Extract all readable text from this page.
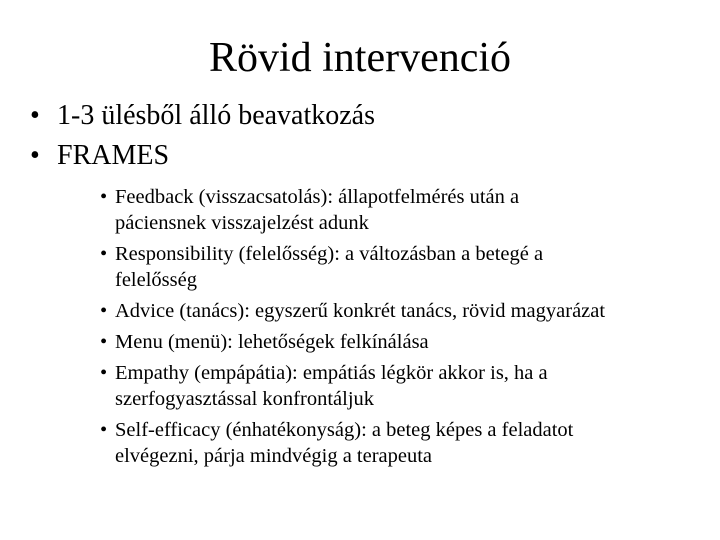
Rövid intervenció
• 1-3 ülésből álló beavatkozás
• FRAMES
• Feedback (visszacsatolás): állapotfelmérés után a
páciensnek visszajelzést adunk
• Responsibility (felelősség): a változásban a betegé a
felelősség
• Advice (tanács): egyszerű konkrét tanács, rövid magyarázat
• Menu (menü): lehetőségek felkínálása
• Empathy (empápátia): empátiás légkör akkor is, ha a
szerfogyasztással konfrontáljuk
• Self-efficacy (énhatékonyság): a beteg képes a feladatot
elvégezni, párja mindvégig a terapeuta
